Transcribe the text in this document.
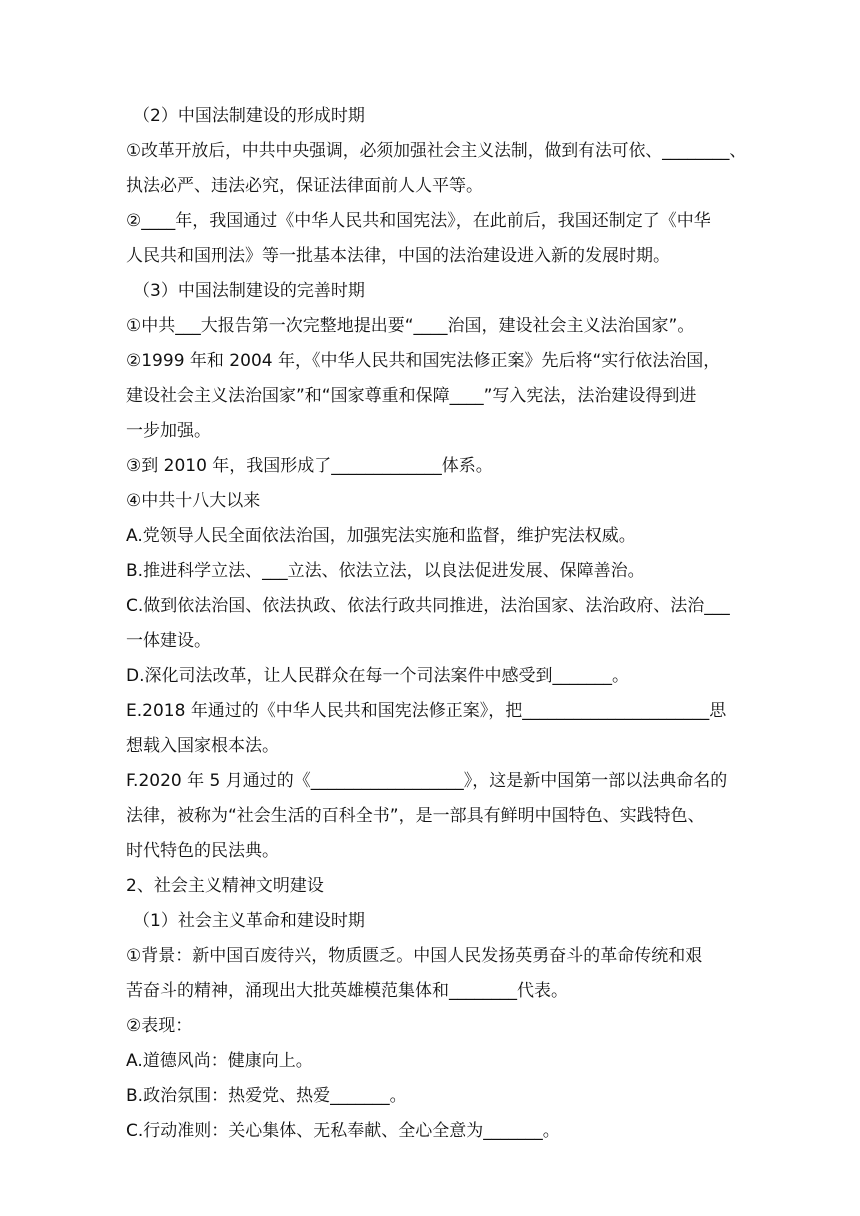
（2）中国法制建设的形成时期
①改革开放后，中共中央强调，必须加强社会主义法制，做到有法可依、________、
执法必严、违法必究，保证法律面前人人平等。
②____年，我国通过《中华人民共和国宪法》，在此前后，我国还制定了《中华
人民共和国刑法》等一批基本法律，中国的法治建设进入新的发展时期。
（3）中国法制建设的完善时期
①中共___大报告第一次完整地提出要“____治国，建设社会主义法治国家”。
②1999 年和 2004 年，《中华人民共和国宪法修正案》先后将“实行依法治国，
建设社会主义法治国家”和“国家尊重和保障____”写入宪法，法治建设得到进
一步加强。
③到 2010 年，我国形成了_____________体系。
④中共十八大以来
A.党领导人民全面依法治国，加强宪法实施和监督，维护宪法权威。
B.推进科学立法、___立法、依法立法，以良法促进发展、保障善治。
C.做到依法治国、依法执政、依法行政共同推进，法治国家、法治政府、法治___
一体建设。
D.深化司法改革，让人民群众在每一个司法案件中感受到_______。
E.2018 年通过的《中华人民共和国宪法修正案》，把______________________思
想载入国家根本法。
F.2020 年 5 月通过的《__________________》，这是新中国第一部以法典命名的
法律，被称为“社会生活的百科全书”，是一部具有鲜明中国特色、实践特色、
时代特色的民法典。
2、社会主义精神文明建设
（1）社会主义革命和建设时期
①背景：新中国百废待兴，物质匮乏。中国人民发扬英勇奋斗的革命传统和艰
苦奋斗的精神，涌现出大批英雄模范集体和________代表。
②表现：
A.道德风尚：健康向上。
B.政治氛围：热爱党、热爱_______。
C.行动准则：关心集体、无私奉献、全心全意为_______。
